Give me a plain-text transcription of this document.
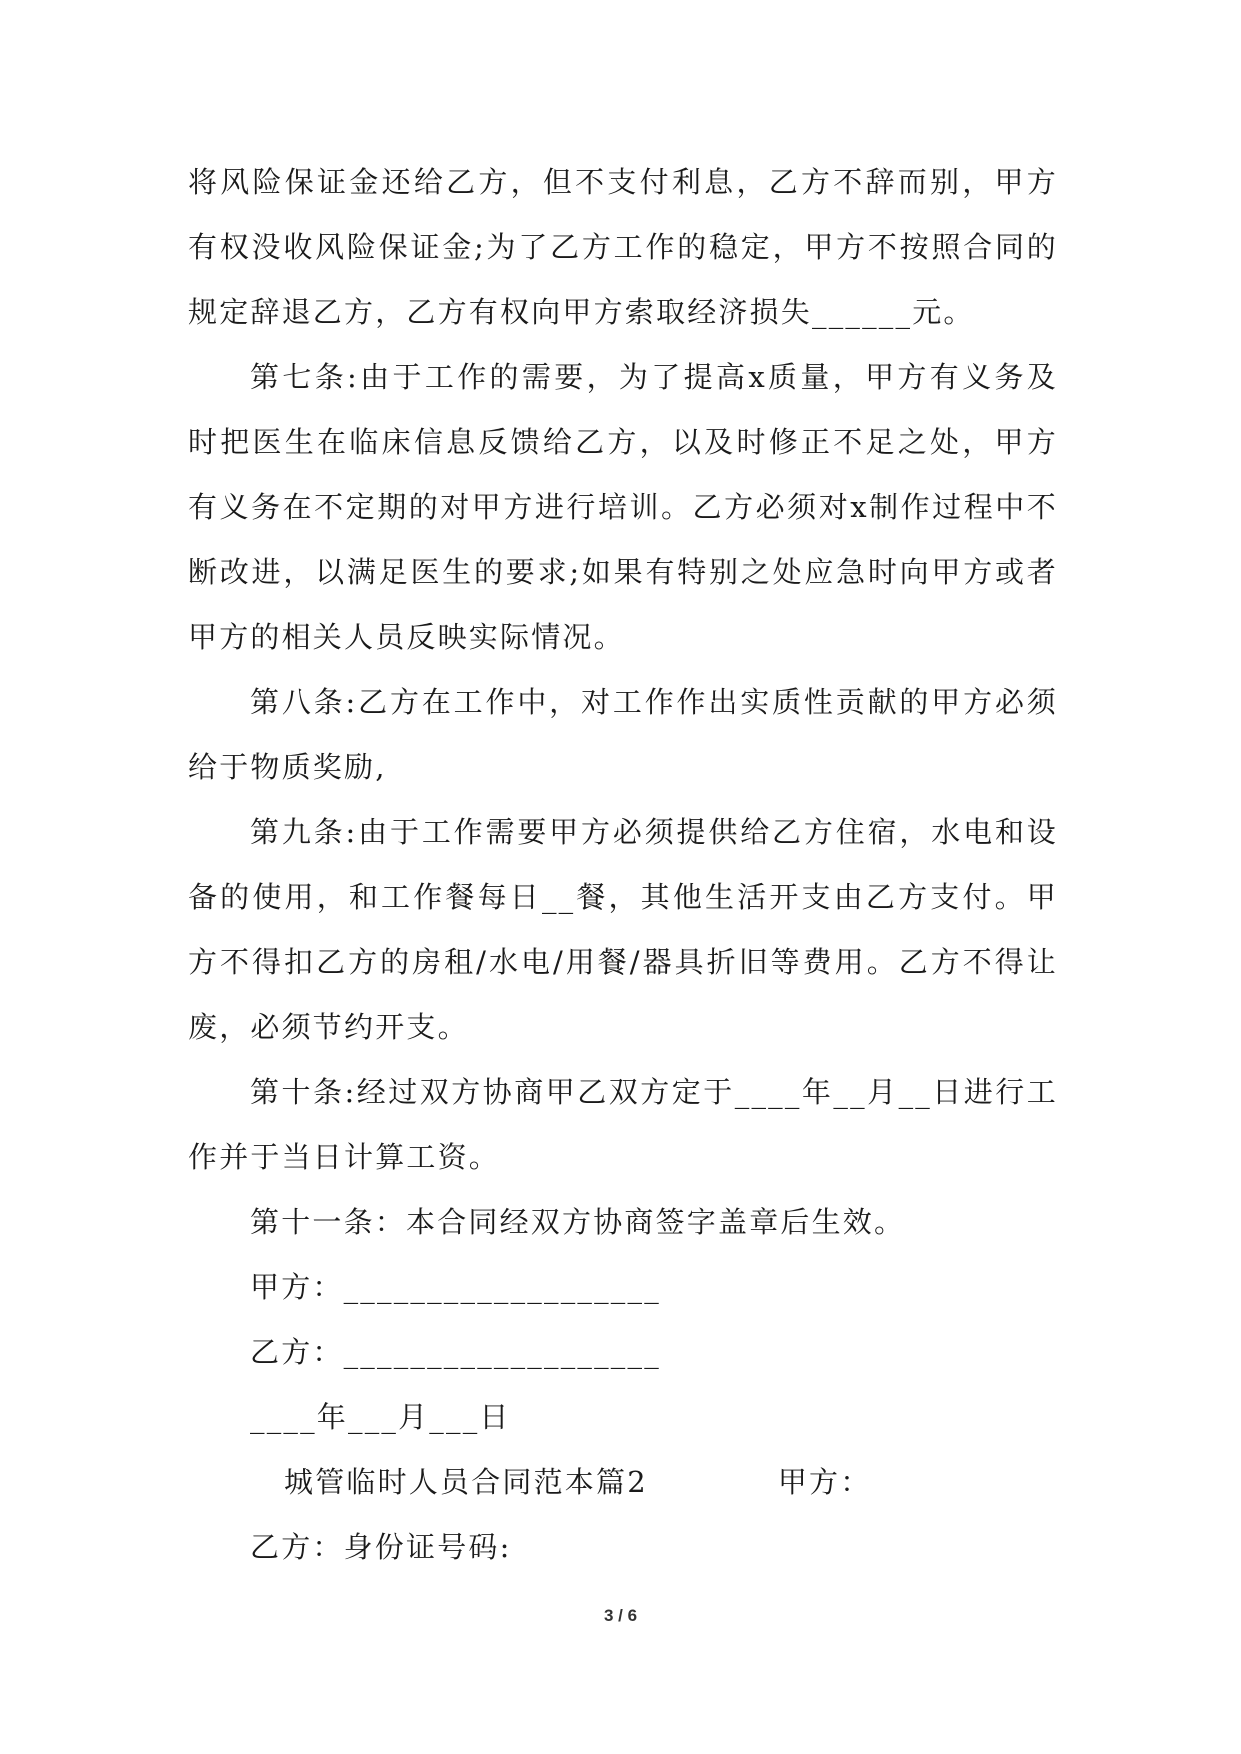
将风险保证金还给乙方，但不支付利息，乙方不辞而别，甲方有权没收风险保证金;为了乙方工作的稳定，甲方不按照合同的规定辞退乙方，乙方有权向甲方索取经济损失______元。

第七条:由于工作的需要，为了提高x质量，甲方有义务及时把医生在临床信息反馈给乙方，以及时修正不足之处，甲方有义务在不定期的对甲方进行培训。乙方必须对x制作过程中不断改进，以满足医生的要求;如果有特别之处应急时向甲方或者甲方的相关人员反映实际情况。

第八条:乙方在工作中，对工作作出实质性贡献的甲方必须给于物质奖励,

第九条:由于工作需要甲方必须提供给乙方住宿，水电和设备的使用，和工作餐每日__餐，其他生活开支由乙方支付。甲方不得扣乙方的房租/水电/用餐/器具折旧等费用。乙方不得让废，必须节约开支。

第十条:经过双方协商甲乙双方定于____年__月__日进行工作并于当日计算工资。

第十一条：本合同经双方协商签字盖章后生效。

甲方：___________________

乙方：___________________

____年___月___日

城管临时人员合同范本篇2	甲方：

乙方：身份证号码:

3 / 6
